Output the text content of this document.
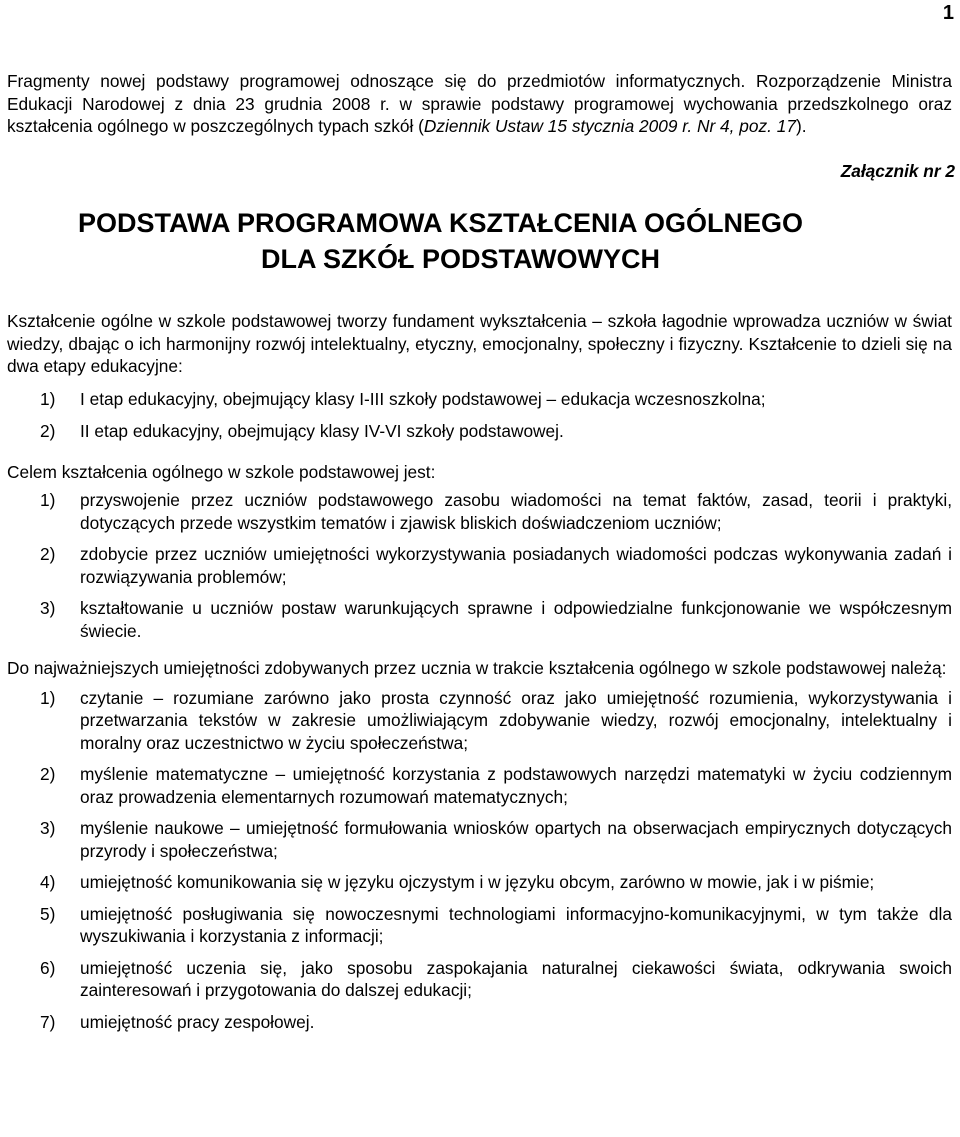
1

Fragmenty nowej podstawy programowej odnoszące się do przedmiotów informatycznych. Rozporządzenie Ministra Edukacji Narodowej z dnia 23 grudnia 2008 r. w sprawie podstawy programowej wychowania przedszkolnego oraz kształcenia ogólnego w poszczególnych typach szkół (Dziennik Ustaw 15 stycznia 2009 r. Nr 4, poz. 17).

Załącznik nr 2
PODSTAWA PROGRAMOWA KSZTAŁCENIA OGÓLNEGO
DLA SZKÓŁ PODSTAWOWYCH

Kształcenie ogólne w szkole podstawowej tworzy fundament wykształcenia – szkoła łagodnie wprowadza uczniów w świat wiedzy, dbając o ich harmonijny rozwój intelektualny, etyczny, emocjonalny, społeczny i fizyczny. Kształcenie to dzieli się na dwa etapy edukacyjne:

1) I etap edukacyjny, obejmujący klasy I-III szkoły podstawowej – edukacja wczesnoszkolna;
2) II etap edukacyjny, obejmujący klasy IV-VI szkoły podstawowej.

Celem kształcenia ogólnego w szkole podstawowej jest:

1) przyswojenie przez uczniów podstawowego zasobu wiadomości na temat faktów, zasad, teorii i praktyki, dotyczących przede wszystkim tematów i zjawisk bliskich doświadczeniom uczniów;
2) zdobycie przez uczniów umiejętności wykorzystywania posiadanych wiadomości podczas wykonywania zadań i rozwiązywania problemów;
3) kształtowanie u uczniów postaw warunkujących sprawne i odpowiedzialne funkcjonowanie we współczesnym świecie.

Do najważniejszych umiejętności zdobywanych przez ucznia w trakcie kształcenia ogólnego w szkole podstawowej należą:

1) czytanie – rozumiane zarówno jako prosta czynność oraz jako umiejętność rozumienia, wykorzystywania i przetwarzania tekstów w zakresie umożliwiającym zdobywanie wiedzy, rozwój emocjonalny, intelektualny i moralny oraz uczestnictwo w życiu społeczeństwa;
2) myślenie matematyczne – umiejętność korzystania z podstawowych narzędzi matematyki w życiu codziennym oraz prowadzenia elementarnych rozumowań matematycznych;
3) myślenie naukowe – umiejętność formułowania wniosków opartych na obserwacjach empirycznych dotyczących przyrody i społeczeństwa;
4) umiejętność komunikowania się w języku ojczystym i w języku obcym, zarówno w mowie, jak i w piśmie;
5) umiejętność posługiwania się nowoczesnymi technologiami informacyjno-komunikacyjnymi, w tym także dla wyszukiwania i korzystania z informacji;
6) umiejętność uczenia się, jako sposobu zaspokajania naturalnej ciekawości świata, odkrywania swoich zainteresowań i przygotowania do dalszej edukacji;
7) umiejętność pracy zespołowej.
